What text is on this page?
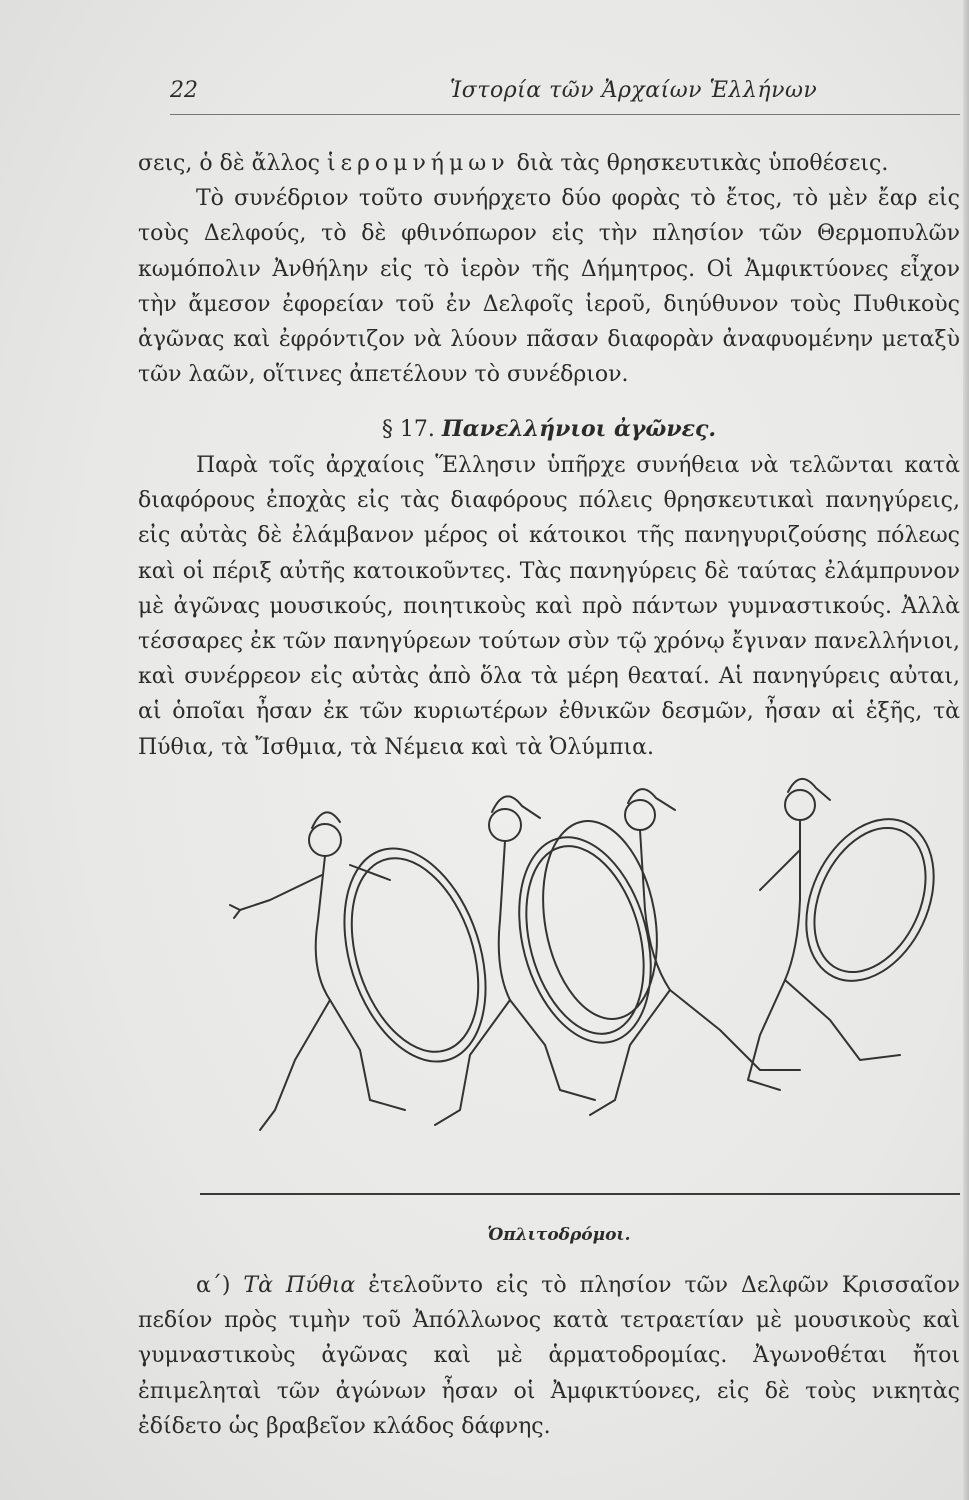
22	Ἱστορία τῶν Ἀρχαίων Ἑλλήνων

σεις, ὁ δὲ ἄλλος ἱερομνήμων διὰ τὰς θρησκευτικὰς ὑποθέσεις.

Τὸ συνέδριον τοῦτο συνήρχετο δύο φορὰς τὸ ἔτος, τὸ μὲν ἔαρ εἰς τοὺς Δελφούς, τὸ δὲ φθινόπωρον εἰς τὴν πλησίον τῶν Θερμοπυλῶν κωμόπολιν Ἀνθήλην εἰς τὸ ἱερὸν τῆς Δήμητρος. Οἱ Ἀμφικτύονες εἶχον τὴν ἄμεσον ἐφορείαν τοῦ ἐν Δελφοῖς ἱεροῦ, διηύθυνον τοὺς Πυθικοὺς ἀγῶνας καὶ ἐφρόντιζον νὰ λύουν πᾶσαν διαφορὰν ἀναφυομένην μεταξὺ τῶν λαῶν, οἵτινες ἀπετέλουν τὸ συνέδριον.

§ 17. Πανελλήνιοι ἀγῶνες.

Παρὰ τοῖς ἀρχαίοις Ἕλλησιν ὑπῆρχε συνήθεια νὰ τελῶνται κατὰ διαφόρους ἐποχὰς εἰς τὰς διαφόρους πόλεις θρησκευτικαὶ πανηγύρεις, εἰς αὐτὰς δὲ ἐλάμβανον μέρος οἱ κάτοικοι τῆς πανηγυριζούσης πόλεως καὶ οἱ πέριξ αὐτῆς κατοικοῦντες. Τὰς πανηγύρεις δὲ ταύτας ἐλάμπρυνον μὲ ἀγῶνας μουσικούς, ποιητικοὺς καὶ πρὸ πάντων γυμναστικούς. Ἀλλὰ τέσσαρες ἐκ τῶν πανηγύρεων τούτων σὺν τῷ χρόνῳ ἔγιναν πανελλήνιοι, καὶ συνέρρεον εἰς αὐτὰς ἀπὸ ὅλα τὰ μέρη θεαταί. Αἱ πανηγύρεις αὐται, αἱ ὁποῖαι ἦσαν ἐκ τῶν κυριωτέρων ἐθνικῶν δεσμῶν, ἦσαν αἱ ἑξῆς, τὰ Πύθια, τὰ Ἴσθμια, τὰ Νέμεια καὶ τὰ Ὀλύμπια.

Ὁπλιτοδρόμοι.

α΄) Τὰ Πύθια ἐτελοῦντο εἰς τὸ πλησίον τῶν Δελφῶν Κρισσαῖον πεδίον πρὸς τιμὴν τοῦ Ἀπόλλωνος κατὰ τετραετίαν μὲ μουσικοὺς καὶ γυμναστικοὺς ἀγῶνας καὶ μὲ ἁρματοδρομίας. Ἀγωνοθέται ἤτοι ἐπιμεληταὶ τῶν ἀγώνων ἦσαν οἱ Ἀμφικτύονες, εἰς δὲ τοὺς νικητὰς ἐδίδετο ὡς βραβεῖον κλάδος δάφνης.
